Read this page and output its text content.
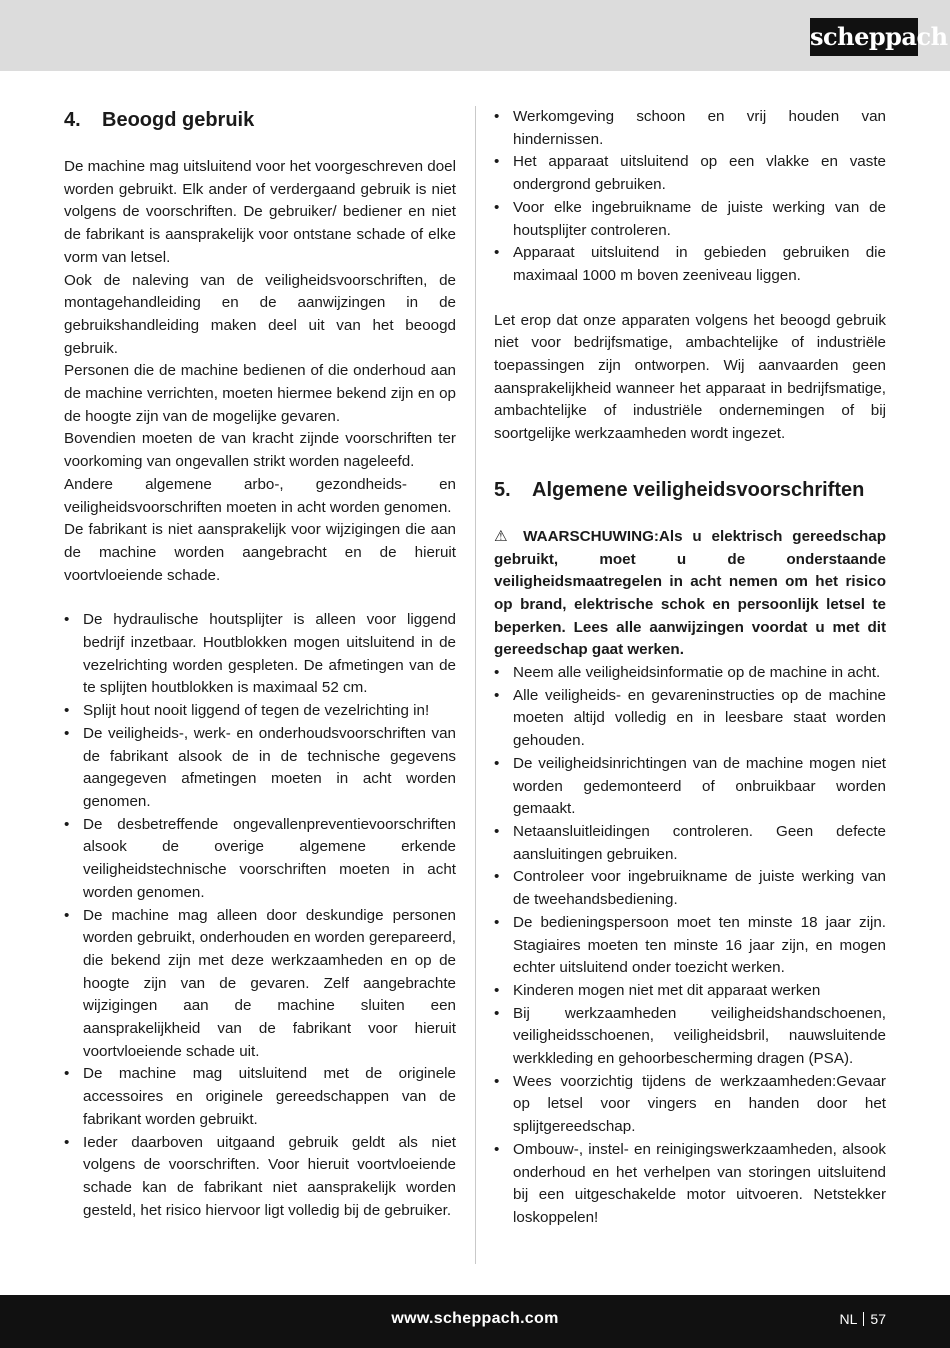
scheppach
4. Beoogd gebruik

De machine mag uitsluitend voor het voorgeschreven doel worden gebruikt. Elk ander of verdergaand gebruik is niet volgens de voorschriften. De gebruiker/ bediener en niet de fabrikant is aansprakelijk voor ontstane schade of elke vorm van letsel.

Ook de naleving van de veiligheidsvoorschriften, de montagehandleiding en de aanwijzingen in de gebruikshandleiding maken deel uit van het beoogd gebruik.

Personen die de machine bedienen of die onderhoud aan de machine verrichten, moeten hiermee bekend zijn en op de hoogte zijn van de mogelijke gevaren.

Bovendien moeten de van kracht zijnde voorschriften ter voorkoming van ongevallen strikt worden nageleefd.

Andere algemene arbo-, gezondheids- en veiligheidsvoorschriften moeten in acht worden genomen.

De fabrikant is niet aansprakelijk voor wijzigingen die aan de machine worden aangebracht en de hieruit voortvloeiende schade.

• De hydraulische houtsplijter is alleen voor liggend bedrijf inzetbaar. Houtblokken mogen uitsluitend in de vezelrichting worden gespleten. De afmetingen van de te splijten houtblokken is maximaal 52 cm.
• Splijt hout nooit liggend of tegen de vezelrichting in!
• De veiligheids-, werk- en onderhoudsvoorschriften van de fabrikant alsook de in de technische gegevens aangegeven afmetingen moeten in acht worden genomen.
• De desbetreffende ongevallenpreventievoorschriften alsook de overige algemene erkende veiligheidstechnische voorschriften moeten in acht worden genomen.
• De machine mag alleen door deskundige personen worden gebruikt, onderhouden en worden gerepareerd, die bekend zijn met deze werkzaamheden en op de hoogte zijn van de gevaren. Zelf aangebrachte wijzigingen aan de machine sluiten een aansprakelijkheid van de fabrikant voor hieruit voortvloeiende schade uit.
• De machine mag uitsluitend met de originele accessoires en originele gereedschappen van de fabrikant worden gebruikt.
• Ieder daarboven uitgaand gebruik geldt als niet volgens de voorschriften. Voor hieruit voortvloeiende schade kan de fabrikant niet aansprakelijk worden gesteld, het risico hiervoor ligt volledig bij de gebruiker.
• Werkomgeving schoon en vrij houden van hindernissen.
• Het apparaat uitsluitend op een vlakke en vaste ondergrond gebruiken.
• Voor elke ingebruikname de juiste werking van de houtsplijter controleren.
• Apparaat uitsluitend in gebieden gebruiken die maximaal 1000 m boven zeeniveau liggen.

Let erop dat onze apparaten volgens het beoogd gebruik niet voor bedrijfsmatige, ambachtelijke of industriële toepassingen zijn ontworpen. Wij aanvaarden geen aansprakelijkheid wanneer het apparaat in bedrijfsmatige, ambachtelijke of industriële ondernemingen of bij soortgelijke werkzaamheden wordt ingezet.

5. Algemene veiligheidsvoorschriften

⚠ WAARSCHUWING:Als u elektrisch gereedschap gebruikt, moet u de onderstaande veiligheidsmaatregelen in acht nemen om het risico op brand, elektrische schok en persoonlijk letsel te beperken. Lees alle aanwijzingen voordat u met dit gereedschap gaat werken.

• Neem alle veiligheidsinformatie op de machine in acht.
• Alle veiligheids- en gevareninstructies op de machine moeten altijd volledig en in leesbare staat worden gehouden.
• De veiligheidsinrichtingen van de machine mogen niet worden gedemonteerd of onbruikbaar worden gemaakt.
• Netaansluitleidingen controleren. Geen defecte aansluitingen gebruiken.
• Controleer voor ingebruikname de juiste werking van de tweehandsbediening.
• De bedieningspersoon moet ten minste 18 jaar zijn. Stagiaires moeten ten minste 16 jaar zijn, en mogen echter uitsluitend onder toezicht werken.
• Kinderen mogen niet met dit apparaat werken
• Bij werkzaamheden veiligheidshandschoenen, veiligheidsschoenen, veiligheidsbril, nauwsluitende werkkleding en gehoorbescherming dragen (PSA).
• Wees voorzichtig tijdens de werkzaamheden:Gevaar op letsel voor vingers en handen door het splijtgereedschap.
• Ombouw-, instel- en reinigingswerkzaamheden, alsook onderhoud en het verhelpen van storingen uitsluitend bij een uitgeschakelde motor uitvoeren. Netstekker loskoppelen!
www.scheppach.com	NL 57
